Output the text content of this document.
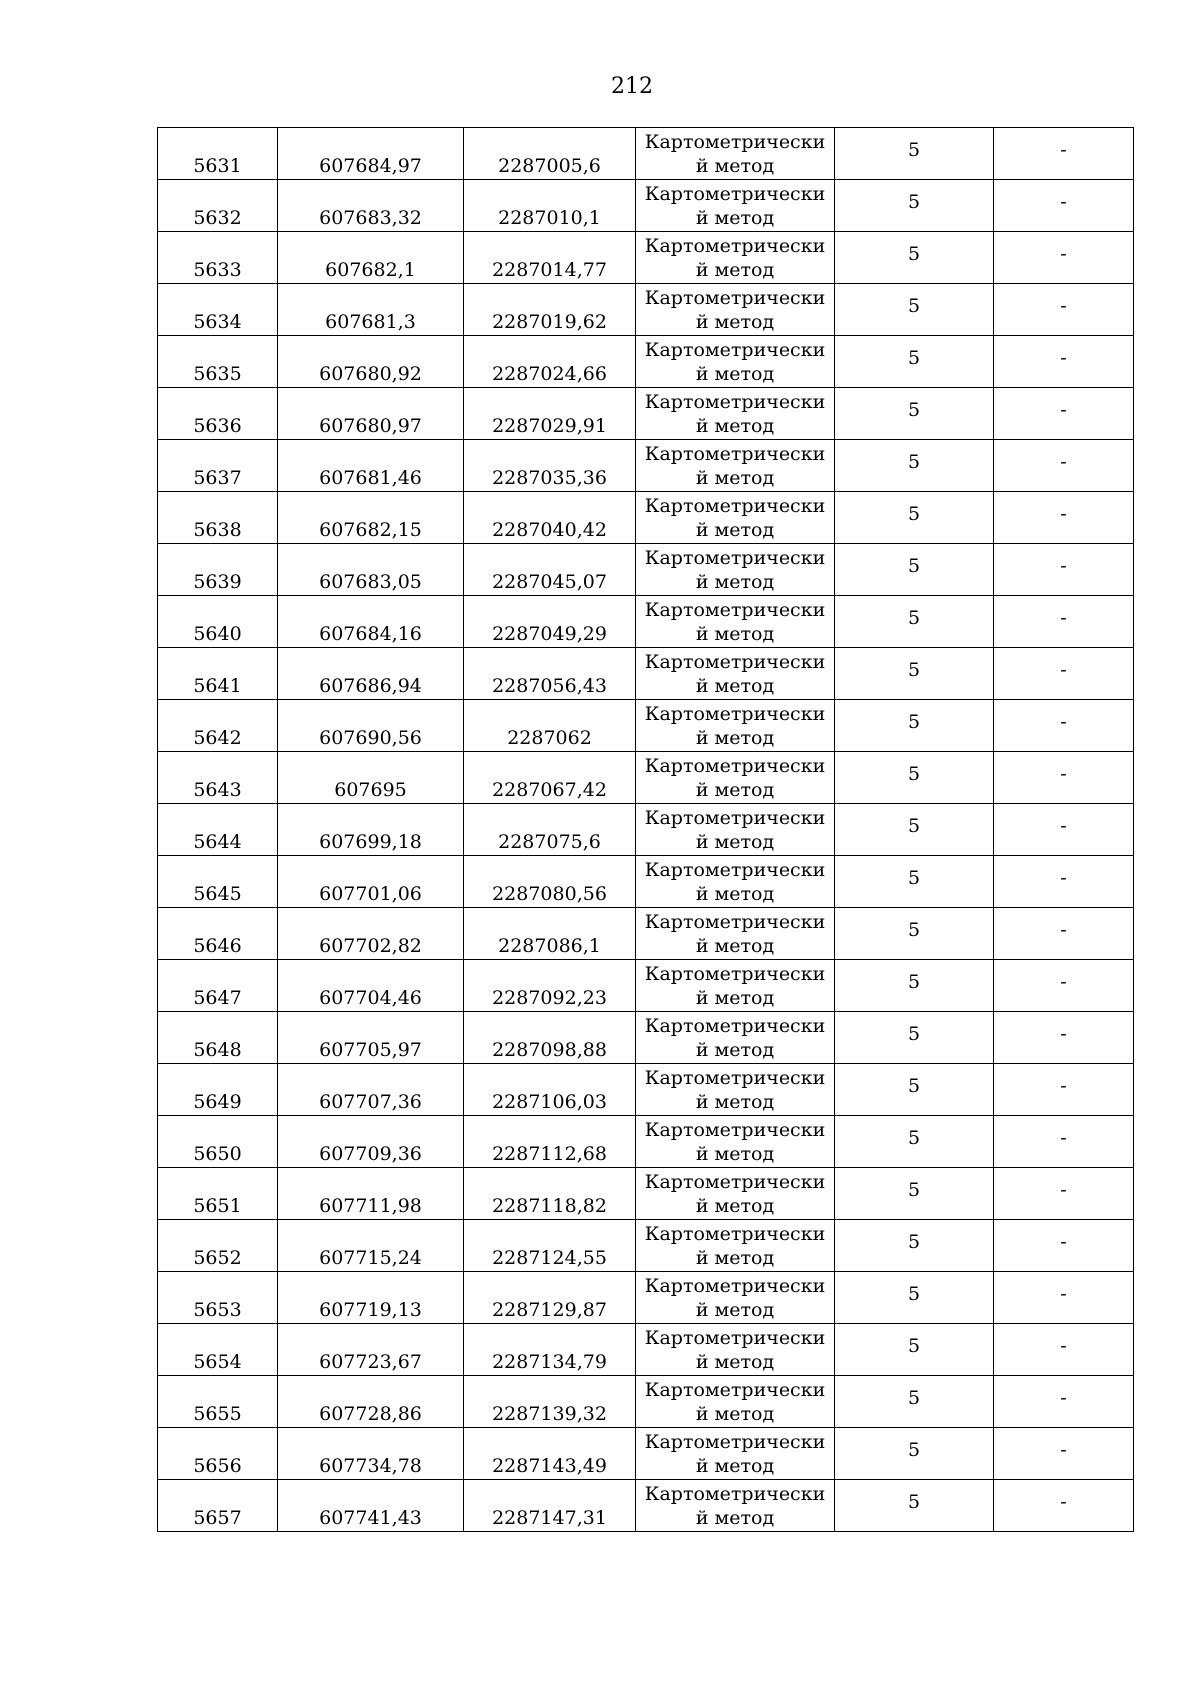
212
5631	607684,97	2287005,6	Картометрически
й метод	5	-

5632	607683,32	2287010,1	Картометрически
й метод	5	-

5633	607682,1	2287014,77	Картометрически
й метод	5	-

5634	607681,3	2287019,62	Картометрически
й метод	5	-

5635	607680,92	2287024,66	Картометрически
й метод	5	-

5636	607680,97	2287029,91	Картометрически
й метод	5	-

5637	607681,46	2287035,36	Картометрически
й метод	5	-

5638	607682,15	2287040,42	Картометрически
й метод	5	-

5639	607683,05	2287045,07	Картометрически
й метод	5	-

5640	607684,16	2287049,29	Картометрически
й метод	5	-

5641	607686,94	2287056,43	Картометрически
й метод	5	-

5642	607690,56	2287062	Картометрически
й метод	5	-

5643	607695	2287067,42	Картометрически
й метод	5	-

5644	607699,18	2287075,6	Картометрически
й метод	5	-

5645	607701,06	2287080,56	Картометрически
й метод	5	-

5646	607702,82	2287086,1	Картометрически
й метод	5	-

5647	607704,46	2287092,23	Картометрически
й метод	5	-

5648	607705,97	2287098,88	Картометрически
й метод	5	-

5649	607707,36	2287106,03	Картометрически
й метод	5	-

5650	607709,36	2287112,68	Картометрически
й метод	5	-

5651	607711,98	2287118,82	Картометрически
й метод	5	-

5652	607715,24	2287124,55	Картометрически
й метод	5	-

5653	607719,13	2287129,87	Картометрически
й метод	5	-

5654	607723,67	2287134,79	Картометрически
й метод	5	-

5655	607728,86	2287139,32	Картометрически
й метод	5	-

5656	607734,78	2287143,49	Картометрически
й метод	5	-

5657	607741,43	2287147,31	Картометрически
й метод	5	-
